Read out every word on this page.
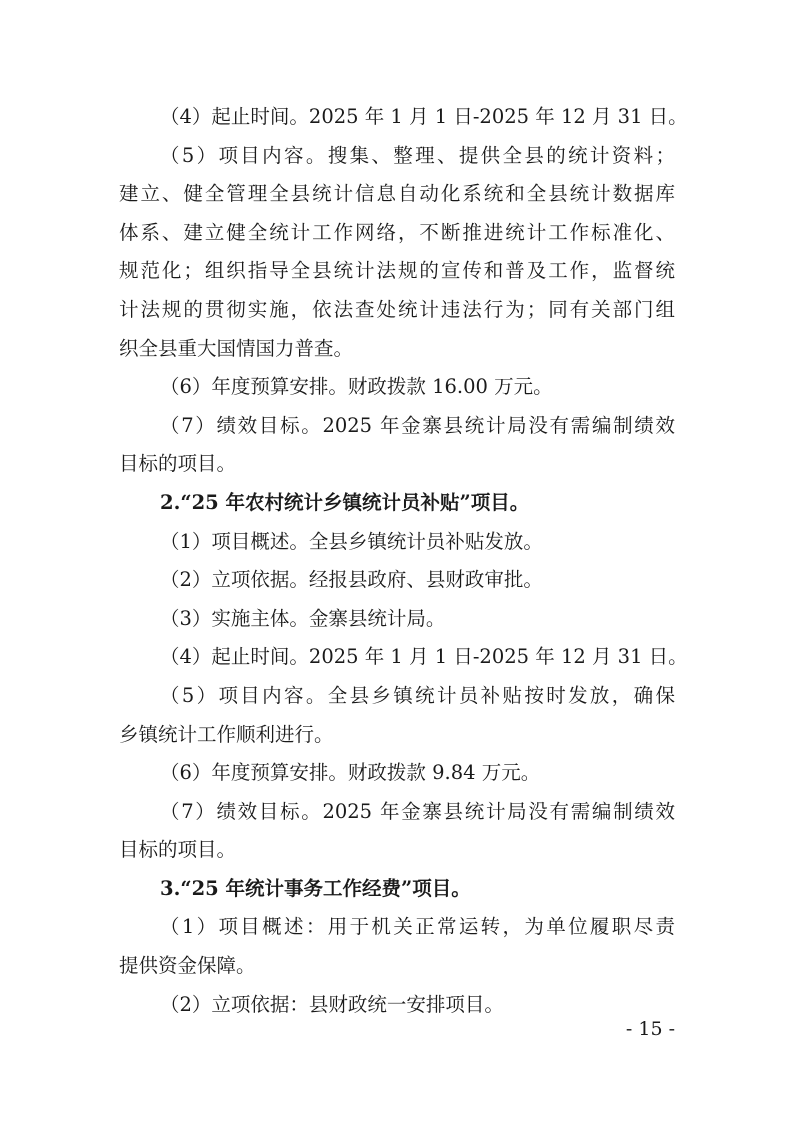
（4）起止时间。2025 年 1 月 1 日-2025 年 12 月 31 日。
（5）项目内容。搜集、整理、提供全县的统计资料；
建立、健全管理全县统计信息自动化系统和全县统计数据库
体系、建立健全统计工作网络，不断推进统计工作标准化、
规范化；组织指导全县统计法规的宣传和普及工作，监督统
计法规的贯彻实施，依法查处统计违法行为；同有关部门组
织全县重大国情国力普查。
（6）年度预算安排。财政拨款 16.00 万元。
（7）绩效目标。2025 年金寨县统计局没有需编制绩效
目标的项目。
2.“25 年农村统计乡镇统计员补贴”项目。
（1）项目概述。全县乡镇统计员补贴发放。
（2）立项依据。经报县政府、县财政审批。
（3）实施主体。金寨县统计局。
（4）起止时间。2025 年 1 月 1 日-2025 年 12 月 31 日。
（5）项目内容。全县乡镇统计员补贴按时发放，确保
乡镇统计工作顺利进行。
（6）年度预算安排。财政拨款 9.84 万元。
（7）绩效目标。2025 年金寨县统计局没有需编制绩效
目标的项目。
3.“25 年统计事务工作经费”项目。
（1）项目概述：用于机关正常运转，为单位履职尽责
提供资金保障。
（2）立项依据：县财政统一安排项目。
- 15 -
